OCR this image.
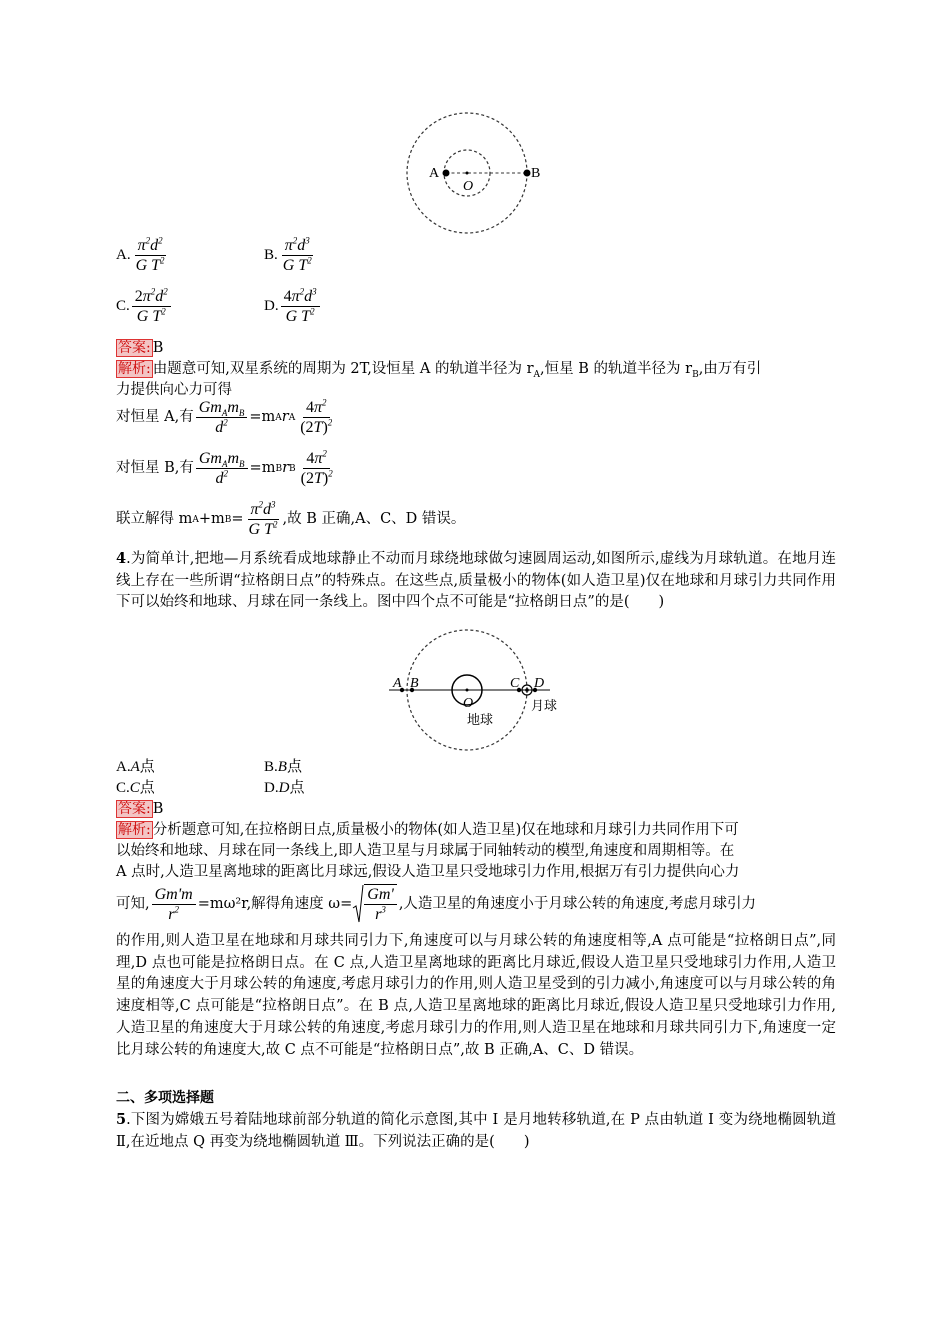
A
O
B
A. $\frac{\pi^2d^2}{G T^2}$	B. $\frac{\pi^2d^3}{G T^2}$
C. $\frac{2\pi^2d^2}{G T^2}$	D. $\frac{4\pi^2d^3}{G T^2}$
答案: B
解析: 由题意可知,双星系统的周期为 2T,设恒星 A 的轨道半径为 $r_A$,恒星 B 的轨道半径为 $r_B$,由万有引
力提供向心力可得
对恒星 A,有 $\frac{Gm_Am_B}{d^2} =m$ A r A $\frac{4\pi^2}{(2T)^2}$
对恒星 B,有 $\frac{Gm_Am_B}{d^2} =m$ B r B $\frac{4\pi^2}{(2T)^2}$
联立解得 m A +m $B = \frac{\pi^2d^3}{G T^2}$ ,故 B 正确,A、C、D 错误。
4.为简单计,把地—月系统看成地球静止不动而月球绕地球做匀速圆周运动,如图所示,虚线为月球轨道。在地月连线上存在一些所谓“拉格朗日点”的特殊点。在这些点,质量极小的物体(如人造卫星)仅在地球和月球引力共同作用下可以始终和地球、月球在同一条线上。图中四个点不可能是“拉格朗日点”的是(　　)
A. A 点	B. B 点
C. C 点	D. D 点
答案: B
解析: 分析题意可知,在拉格朗日点,质量极小的物体(如人造卫星)仅在地球和月球引力共同作用下可
以始终和地球、月球在同一条线上,即人造卫星与月球属于同轴转动的模型,角速度和周期相等。在
A 点时,人造卫星离地球的距离比月球远,假设人造卫星只受地球引力作用,根据万有引力提供向心力
可知, $\frac{Gm'm}{r^2} =m\omega^2r$,解得角速度 $\omega= \frac{Gm'}{r^3}$ ,人造卫星的角速度小于月球公转的角速度,考虑月球引力
的作用,则人造卫星在地球和月球共同引力下,角速度可以与月球公转的角速度相等,A 点可能是“拉格朗日点”,同理,D 点也可能是拉格朗日点。在 C 点,人造卫星离地球的距离比月球近,假设人造卫星只受地球引力作用,人造卫星的角速度大于月球公转的角速度,考虑月球引力的作用,则人造卫星受到的引力减小,角速度可以与月球公转的角速度相等,C 点可能是“拉格朗日点”。在 B 点,人造卫星离地球的距离比月球近,假设人造卫星只受地球引力作用,人造卫星的角速度大于月球公转的角速度,考虑月球引力的作用,则人造卫星在地球和月球共同引力下,角速度一定比月球公转的角速度大,故 C 点不可能是“拉格朗日点”,故 B 正确,A、C、D 错误。
二、多项选择题
5.下图为嫦娥五号着陆地球前部分轨道的简化示意图,其中 Ⅰ 是月地转移轨道,在 P 点由轨道 Ⅰ 变为绕地椭圆轨道 Ⅱ,在近地点 Q 再变为绕地椭圆轨道 Ⅲ。下列说法正确的是(　　)
A B
O
C D
地球
月球
